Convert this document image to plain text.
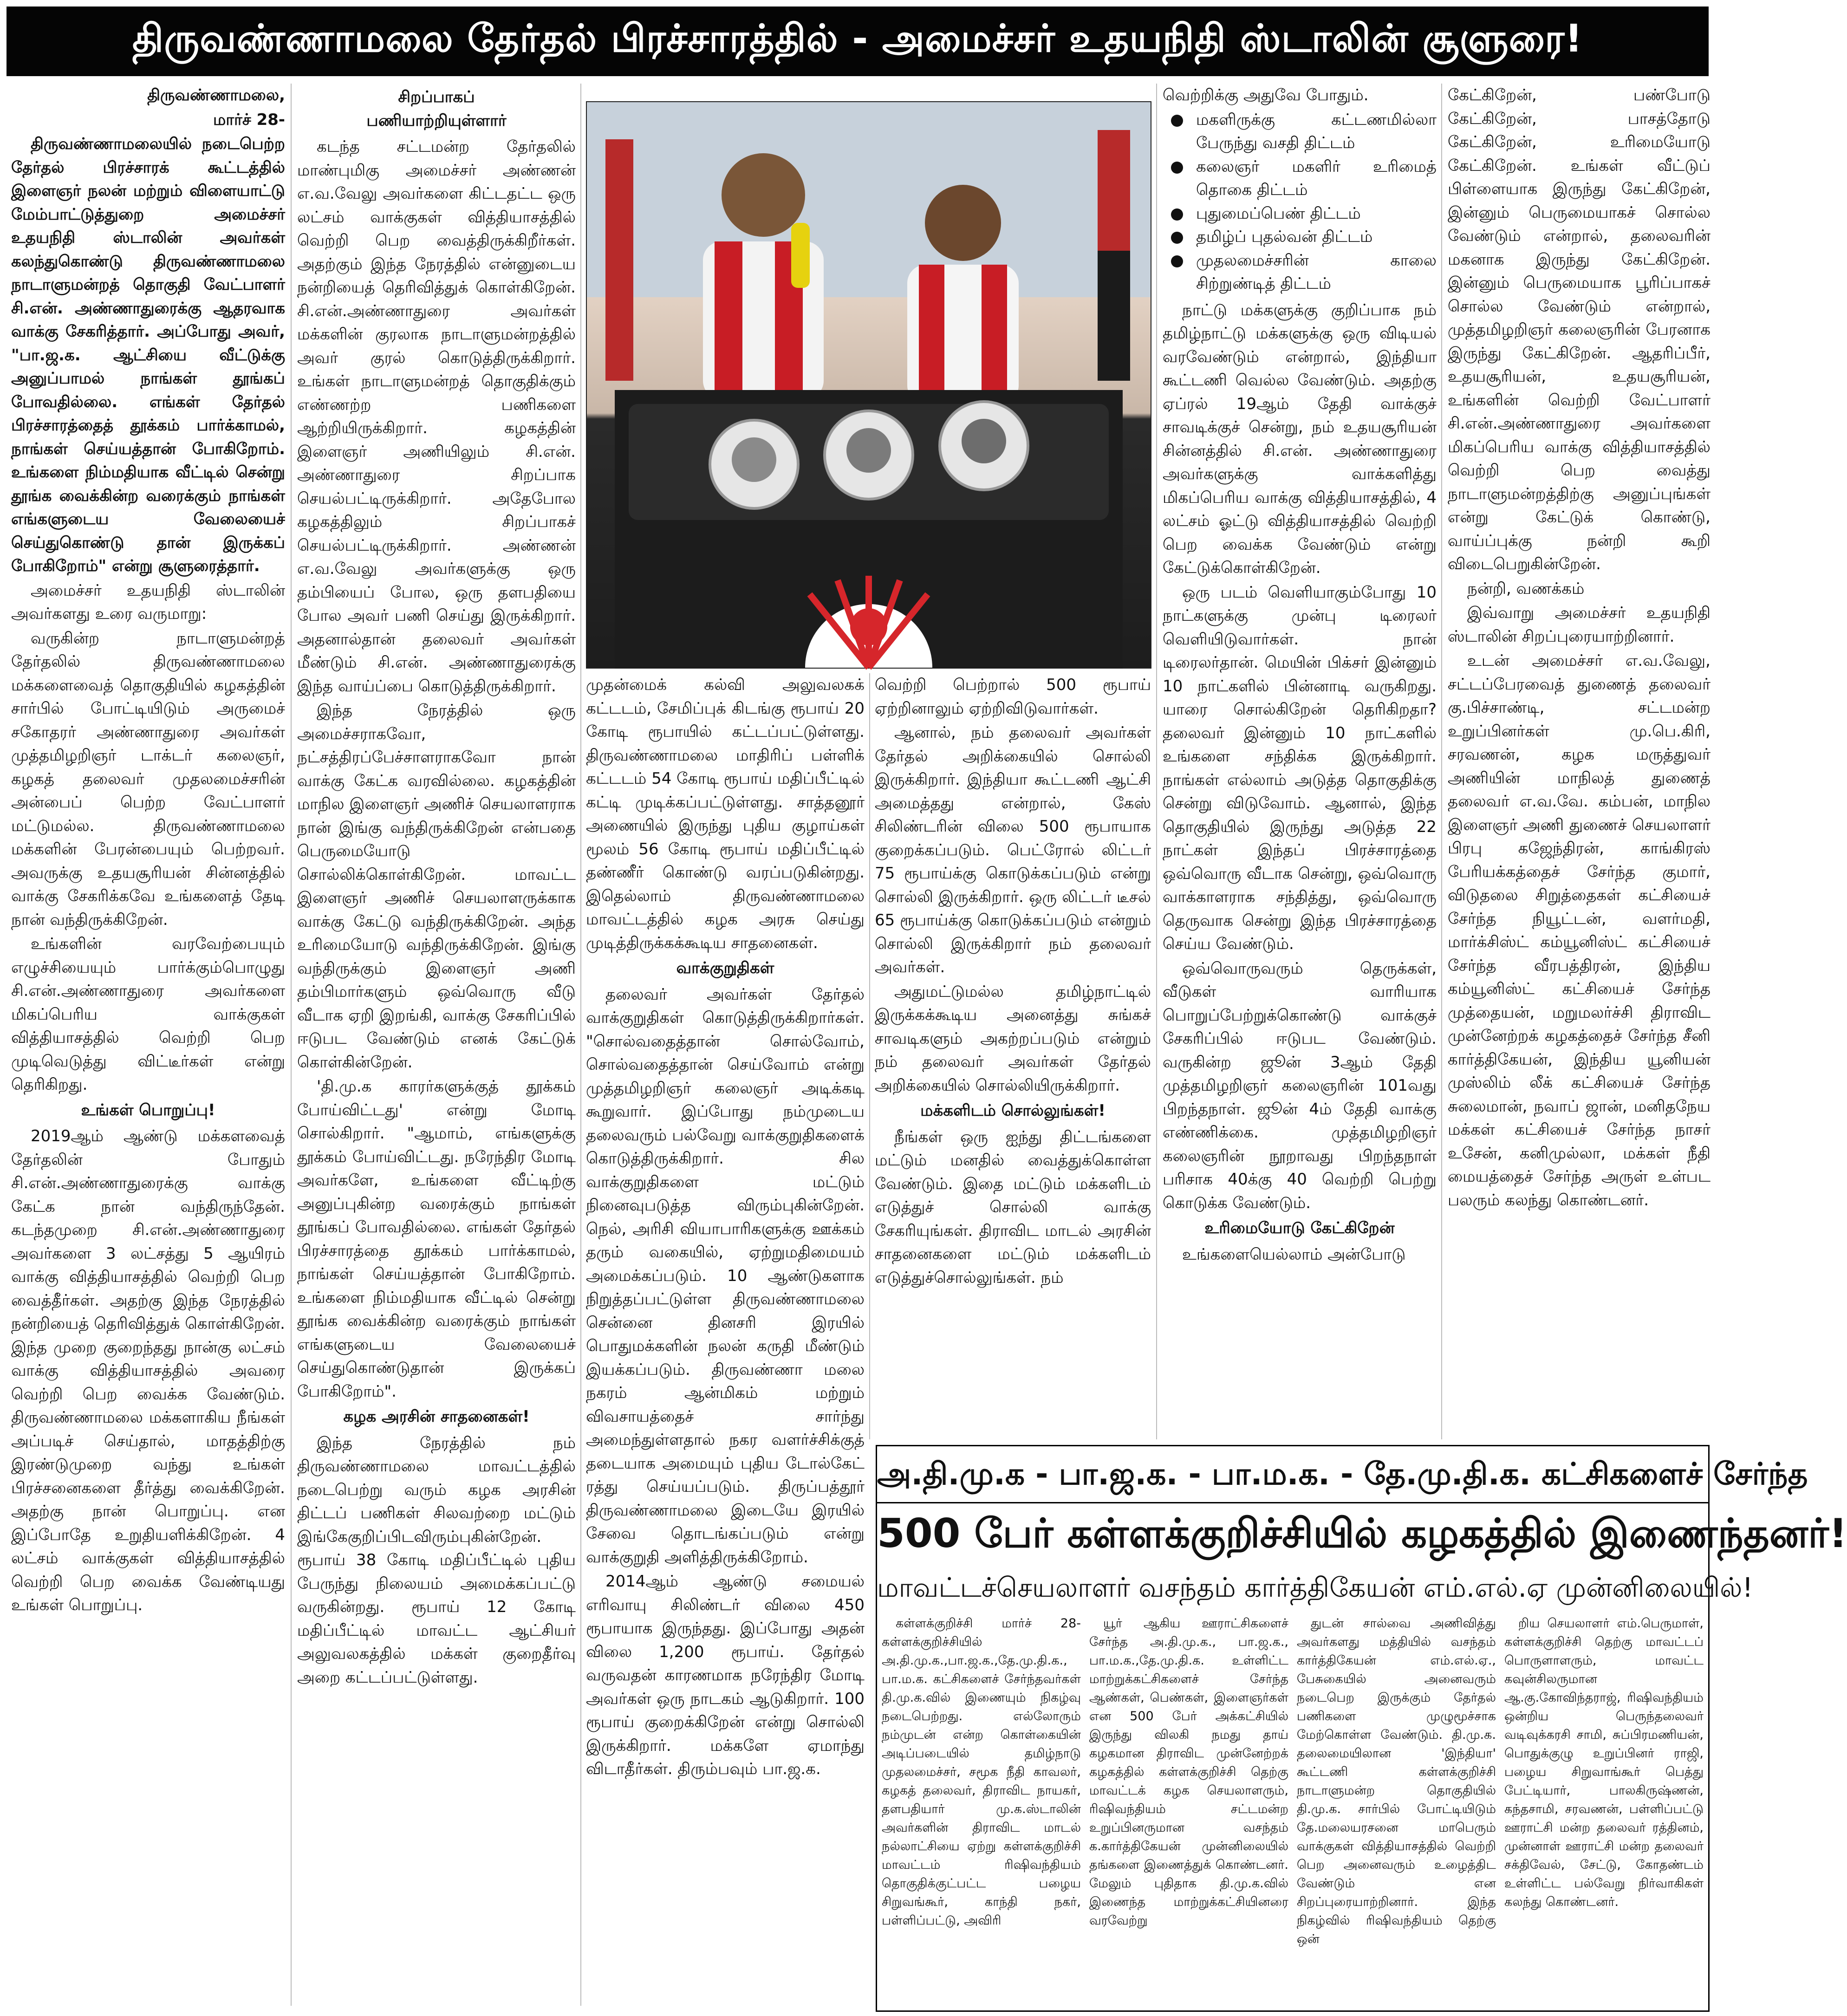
திருவண்ணாமலை தேர்தல் பிரச்சாரத்தில் - அமைச்சர் உதயநிதி ஸ்டாலின் சூளுரை!

திருவண்ணாமலை,

மார்ச் 28-

திருவண்ணாமலையில் நடைபெற்ற தேர்தல் பிரச்சாரக் கூட்டத்தில் இளைஞர் நலன் மற்றும் விளையாட்டு மேம்பாட்டுத்துறை அமைச்சர் உதயநிதி ஸ்டாலின் அவர்கள் கலந்துகொண்டு திருவண்ணாமலை நாடாளுமன்றத் தொகுதி வேட்பாளர் சி.என். அண்ணாதுரைக்கு ஆதரவாக வாக்கு சேகரித்தார். அப்போது அவர், "பா.ஜ.க. ஆட்சியை வீட்டுக்கு அனுப்பாமல் நாங்கள் தூங்கப் போவதில்லை. எங்கள் தேர்தல் பிரச்சாரத்தைத் தூக்கம் பார்க்காமல், நாங்கள் செய்யத்தான் போகிறோம். உங்களை நிம்மதியாக வீட்டில் சென்று தூங்க வைக்கின்ற வரைக்கும் நாங்கள் எங்களுடைய வேலையைச் செய்துகொண்டு தான் இருக்கப் போகிறோம்" என்று சூளுரைத்தார்.

அமைச்சர் உதயநிதி ஸ்டாலின் அவர்களது உரை வருமாறு:

வருகின்ற நாடாளுமன்றத் தேர்தலில் திருவண்ணாமலை மக்களைவைத் தொகுதியில் கழகத்தின் சார்பில் போட்டியிடும் அருமைச் சகோதரர் அண்ணாதுரை அவர்கள் முத்தமிழறிஞர் டாக்டர் கலைஞர், கழகத் தலைவர் முதலமைச்சரின் அன்பைப் பெற்ற வேட்பாளர் மட்டுமல்ல. திருவண்ணாமலை மக்களின் பேரன்பையும் பெற்றவர். அவருக்கு உதயசூரியன் சின்னத்தில் வாக்கு சேகரிக்கவே உங்களைத் தேடி நான் வந்திருக்கிறேன்.

உங்களின் வரவேற்பையும் எழுச்சியையும் பார்க்கும்பொழுது சி.என்.அண்ணாதுரை அவர்களை மிகப்பெரிய வாக்குகள் வித்தியாசத்தில் வெற்றி பெற முடிவெடுத்து விட்டீர்கள் என்று தெரிகிறது.

உங்கள் பொறுப்பு!

2019ஆம் ஆண்டு மக்களவைத் தேர்தலின் போதும் சி.என்.அண்ணாதுரைக்கு வாக்கு கேட்க நான் வந்திருந்தேன். கடந்தமுறை சி.என்.அண்ணாதுரை அவர்களை 3 லட்சத்து 5 ஆயிரம் வாக்கு வித்தியாசத்தில் வெற்றி பெற வைத்தீர்கள். அதற்கு இந்த நேரத்தில் நன்றியைத் தெரிவித்துக் கொள்கிறேன். இந்த முறை குறைந்தது நான்கு லட்சம் வாக்கு வித்தியாசத்தில் அவரை வெற்றி பெற வைக்க வேண்டும். திருவண்ணாமலை மக்களாகிய நீங்கள் அப்படிச் செய்தால், மாதத்திற்கு இரண்டுமுறை வந்து உங்கள் பிரச்சனைகளை தீர்த்து வைக்கிறேன். அதற்கு நான் பொறுப்பு. என இப்போதே உறுதியளிக்கிறேன். 4 லட்சம் வாக்குகள் வித்தியாசத்தில் வெற்றி பெற வைக்க வேண்டியது உங்கள் பொறுப்பு.

சிறப்பாகப்

பணியாற்றியுள்ளார்

கடந்த சட்டமன்ற தேர்தலில் மாண்புமிகு அமைச்சர் அண்ணன் எ.வ.வேலு அவர்களை கிட்டதட்ட ஒரு லட்சம் வாக்குகள் வித்தியாசத்தில் வெற்றி பெற வைத்திருக்கிறீர்கள். அதற்கும் இந்த நேரத்தில் என்னுடைய நன்றியைத் தெரிவித்துக் கொள்கிறேன். சி.என்.அண்ணாதுரை அவர்கள் மக்களின் குரலாக நாடாளுமன்றத்தில் அவர் குரல் கொடுத்திருக்கிறார். உங்கள் நாடாளுமன்றத் தொகுதிக்கும் எண்ணற்ற பணிகளை ஆற்றியிருக்கிறார். கழகத்தின் இளைஞர் அணியிலும் சி.என். அண்ணாதுரை சிறப்பாக செயல்பட்டிருக்கிறார். அதேபோல கழகத்திலும் சிறப்பாகச் செயல்பட்டிருக்கிறார். அண்ணன் எ.வ.வேலு அவர்களுக்கு ஒரு தம்பியைப் போல, ஒரு தளபதியை போல அவர் பணி செய்து இருக்கிறார். அதனால்தான் தலைவர் அவர்கள் மீண்டும் சி.என். அண்ணாதுரைக்கு இந்த வாய்ப்பை கொடுத்திருக்கிறார்.

இந்த நேரத்தில் ஒரு அமைச்சராகவோ, நட்சத்திரப்பேச்சாளராகவோ நான் வாக்கு கேட்க வரவில்லை. கழகத்தின் மாநில இளைஞர் அணிச் செயலாளராக நான் இங்கு வந்திருக்கிறேன் என்பதை பெருமையோடு சொல்லிக்கொள்கிறேன். மாவட்ட இளைஞர் அணிச் செயலாளருக்காக வாக்கு கேட்டு வந்திருக்கிறேன். அந்த உரிமையோடு வந்திருக்கிறேன். இங்கு வந்திருக்கும் இளைஞர் அணி தம்பிமார்களும் ஒவ்வொரு வீடு வீடாக ஏறி இறங்கி, வாக்கு சேகரிப்பில் ஈடுபட வேண்டும் எனக் கேட்டுக் கொள்கின்றேன்.

'தி.மு.க காரர்களுக்குத் தூக்கம் போய்விட்டது' என்று மோடி சொல்கிறார். "ஆமாம், எங்களுக்கு தூக்கம் போய்விட்டது. நரேந்திர மோடி அவர்களே, உங்களை வீட்டிற்கு அனுப்புகின்ற வரைக்கும் நாங்கள் தூங்கப் போவதில்லை. எங்கள் தேர்தல் பிரச்சாரத்தை தூக்கம் பார்க்காமல், நாங்கள் செய்யத்தான் போகிறோம். உங்களை நிம்மதியாக வீட்டில் சென்று தூங்க வைக்கின்ற வரைக்கும் நாங்கள் எங்களுடைய வேலையைச் செய்துகொண்டுதான் இருக்கப் போகிறோம்".

கழக அரசின் சாதனைகள்!

இந்த நேரத்தில் நம் திருவண்ணாமலை மாவட்டத்தில் நடைபெற்று வரும் கழக அரசின் திட்டப் பணிகள் சிலவற்றை மட்டும் இங்கேகுறிப்பிடவிரும்புகின்றேன். ரூபாய் 38 கோடி மதிப்பீட்டில் புதிய பேருந்து நிலையம் அமைக்கப்பட்டு வருகின்றது. ரூபாய் 12 கோடி மதிப்பீட்டில் மாவட்ட ஆட்சியர் அலுவலகத்தில் மக்கள் குறைதீர்வு அறை கட்டப்பட்டுள்ளது.

முதன்மைக் கல்வி அலுவலகக் கட்டடம், சேமிப்புக் கிடங்கு ரூபாய் 20 கோடி ரூபாயில் கட்டப்பட்டுள்ளது. திருவண்ணாமலை மாதிரிப் பள்ளிக் கட்டடம் 54 கோடி ரூபாய் மதிப்பீட்டில் கட்டி முடிக்கப்பட்டுள்ளது. சாத்தனூர் அணையில் இருந்து புதிய குழாய்கள் மூலம் 56 கோடி ரூபாய் மதிப்பீட்டில் தண்ணீர் கொண்டு வரப்படுகின்றது. இதெல்லாம் திருவண்ணாமலை மாவட்டத்தில் கழக அரசு செய்து முடித்திருக்கக்கூடிய சாதனைகள்.

வாக்குறுதிகள்

தலைவர் அவர்கள் தேர்தல் வாக்குறுதிகள் கொடுத்திருக்கிறார்கள். "சொல்வதைத்தான் சொல்வோம், சொல்வதைத்தான் செய்வோம் என்று முத்தமிழறிஞர் கலைஞர் அடிக்கடி கூறுவார். இப்போது நம்முடைய தலைவரும் பல்வேறு வாக்குறுதிகளைக் கொடுத்திருக்கிறார். சில வாக்குறுதிகளை மட்டும் நினைவுபடுத்த விரும்புகின்றேன். நெல், அரிசி வியாபாரிகளுக்கு ஊக்கம் தரும் வகையில், ஏற்றுமதிமையம் அமைக்கப்படும். 10 ஆண்டுகளாக நிறுத்தப்பட்டுள்ள திருவண்ணாமலை சென்னை தினசரி இரயில் பொதுமக்களின் நலன் கருதி மீண்டும் இயக்கப்படும். திருவண்ணா மலை நகரம் ஆன்மிகம் மற்றும் விவசாயத்தைச் சார்ந்து அமைந்துள்ளதால் நகர வளர்ச்சிக்குத் தடையாக அமையும் புதிய டோல்கேட் ரத்து செய்யப்படும். திருப்பத்தூர் திருவண்ணாமலை இடையே இரயில் சேவை தொடங்கப்படும் என்று வாக்குறுதி அளித்திருக்கிறோம்.

2014ஆம் ஆண்டு சமையல் எரிவாயு சிலிண்டர் விலை 450 ரூபாயாக இருந்தது. இப்போது அதன் விலை 1,200 ரூபாய். தேர்தல் வருவதன் காரணமாக நரேந்திர மோடி அவர்கள் ஒரு நாடகம் ஆடுகிறார். 100 ரூபாய் குறைக்கிறேன் என்று சொல்லி இருக்கிறார். மக்களே ஏமாந்து விடாதீர்கள். திரும்பவும் பா.ஜ.க.

வெற்றி பெற்றால் 500 ரூபாய் ஏற்றினாலும் ஏற்றிவிடுவார்கள்.

ஆனால், நம் தலைவர் அவர்கள் தேர்தல் அறிக்கையில் சொல்லி இருக்கிறார். இந்தியா கூட்டணி ஆட்சி அமைத்தது என்றால், கேஸ் சிலிண்டரின் விலை 500 ரூபாயாக குறைக்கப்படும். பெட்ரோல் லிட்டர் 75 ரூபாய்க்கு கொடுக்கப்படும் என்று சொல்லி இருக்கிறார். ஒரு லிட்டர் டீசல் 65 ரூபாய்க்கு கொடுக்கப்படும் என்றும் சொல்லி இருக்கிறார் நம் தலைவர் அவர்கள்.

அதுமட்டுமல்ல தமிழ்நாட்டில் இருக்கக்கூடிய அனைத்து சுங்கச் சாவடிகளும் அகற்றப்படும் என்றும் நம் தலைவர் அவர்கள் தேர்தல் அறிக்கையில் சொல்லியிருக்கிறார்.

மக்களிடம் சொல்லுங்கள்!

நீங்கள் ஒரு ஐந்து திட்டங்களை மட்டும் மனதில் வைத்துக்கொள்ள வேண்டும். இதை மட்டும் மக்களிடம் எடுத்துச் சொல்லி வாக்கு சேகரியுங்கள். திராவிட மாடல் அரசின் சாதனைகளை மட்டும் மக்களிடம் எடுத்துச்சொல்லுங்கள். நம்

வெற்றிக்கு அதுவே போதும்.

மகளிருக்கு கட்டணமில்லா பேருந்து வசதி திட்டம்
கலைஞர் மகளிர் உரிமைத் தொகை திட்டம்
புதுமைப்பெண் திட்டம்
தமிழ்ப் புதல்வன் திட்டம்
முதலமைச்சரின் காலை சிற்றுண்டித் திட்டம்

நாட்டு மக்களுக்கு குறிப்பாக நம் தமிழ்நாட்டு மக்களுக்கு ஒரு விடியல் வரவேண்டும் என்றால், இந்தியா கூட்டணி வெல்ல வேண்டும். அதற்கு ஏப்ரல் 19ஆம் தேதி வாக்குச் சாவடிக்குச் சென்று, நம் உதயசூரியன் சின்னத்தில் சி.என். அண்ணாதுரை அவர்களுக்கு வாக்களித்து மிகப்பெரிய வாக்கு வித்தியாசத்தில், 4 லட்சம் ஓட்டு வித்தியாசத்தில் வெற்றி பெற வைக்க வேண்டும் என்று கேட்டுக்கொள்கிறேன்.

ஒரு படம் வெளியாகும்போது 10 நாட்களுக்கு முன்பு டிரைலர் வெளியிடுவார்கள். நான் டிரைலர்தான். மெயின் பிக்சர் இன்னும் 10 நாட்களில் பின்னாடி வருகிறது. யாரை சொல்கிறேன் தெரிகிறதா? தலைவர் இன்னும் 10 நாட்களில் உங்களை சந்திக்க இருக்கிறார். நாங்கள் எல்லாம் அடுத்த தொகுதிக்கு சென்று விடுவோம். ஆனால், இந்த தொகுதியில் இருந்து அடுத்த 22 நாட்கள் இந்தப் பிரச்சாரத்தை ஒவ்வொரு வீடாக சென்று, ஒவ்வொரு வாக்காளராக சந்தித்து, ஒவ்வொரு தெருவாக சென்று இந்த பிரச்சாரத்தை செய்ய வேண்டும்.

ஒவ்வொருவரும் தெருக்கள், வீடுகள் வாரியாக பொறுப்பேற்றுக்கொண்டு வாக்குச் சேகரிப்பில் ஈடுபட வேண்டும். வருகின்ற ஜூன் 3ஆம் தேதி முத்தமிழறிஞர் கலைஞரின் 101வது பிறந்தநாள். ஜூன் 4ம் தேதி வாக்கு எண்ணிக்கை. முத்தமிழறிஞர் கலைஞரின் நூறாவது பிறந்தநாள் பரிசாக 40க்கு 40 வெற்றி பெற்று கொடுக்க வேண்டும்.

உரிமையோடு கேட்கிறேன்

உங்களையெல்லாம் அன்போடு

கேட்கிறேன், பண்போடு கேட்கிறேன், பாசத்தோடு கேட்கிறேன், உரிமையோடு கேட்கிறேன். உங்கள் வீட்டுப் பிள்ளையாக இருந்து கேட்கிறேன், இன்னும் பெருமையாகச் சொல்ல வேண்டும் என்றால், தலைவரின் மகனாக இருந்து கேட்கிறேன். இன்னும் பெருமையாக பூரிப்பாகச் சொல்ல வேண்டும் என்றால், முத்தமிழறிஞர் கலைஞரின் பேரனாக இருந்து கேட்கிறேன். ஆதரிப்பீர், உதயசூரியன், உதயசூரியன், உங்களின் வெற்றி வேட்பாளர் சி.என்.அண்ணாதுரை அவர்களை மிகப்பெரிய வாக்கு வித்தியாசத்தில் வெற்றி பெற வைத்து நாடாளுமன்றத்திற்கு அனுப்புங்கள் என்று கேட்டுக் கொண்டு, வாய்ப்புக்கு நன்றி கூறி விடைபெறுகின்றேன்.

நன்றி, வணக்கம்

இவ்வாறு அமைச்சர் உதயநிதி ஸ்டாலின் சிறப்புரையாற்றினார்.

உடன் அமைச்சர் எ.வ.வேலு, சட்டப்பேரவைத் துணைத் தலைவர் கு.பிச்சாண்டி, சட்டமன்ற உறுப்பினர்கள் மு.பெ.கிரி, சரவணன், கழக மருத்துவர் அணியின் மாநிலத் துணைத் தலைவர் எ.வ.வே. கம்பன், மாநில இளைஞர் அணி துணைச் செயலாளர் பிரபு கஜேந்திரன், காங்கிரஸ் பேரியக்கத்தைச் சேர்ந்த குமார், விடுதலை சிறுத்தைகள் கட்சியைச் சேர்ந்த நியூட்டன், வளர்மதி, மார்க்சிஸ்ட் கம்யூனிஸ்ட் கட்சியைச் சேர்ந்த வீரபத்திரன், இந்திய கம்யூனிஸ்ட் கட்சியைச் சேர்ந்த முத்தையன், மறுமலர்ச்சி திராவிட முன்னேற்றக் கழகத்தைச் சேர்ந்த சீனி கார்த்திகேயன், இந்திய யூனியன் முஸ்லிம் லீக் கட்சியைச் சேர்ந்த சுலைமான், நவாப் ஜான், மனிதநேய மக்கள் கட்சியைச் சேர்ந்த நாசர் உசேன், கனிமுல்லா, மக்கள் நீதி மையத்தைச் சேர்ந்த அருள் உள்பட பலரும் கலந்து கொண்டனர்.

அ.தி.மு.க - பா.ஜ.க. - பா.ம.க. - தே.மு.தி.க. கட்சிகளைச் சேர்ந்த
500 பேர் கள்ளக்குறிச்சியில் கழகத்தில் இணைந்தனர்!
மாவட்டச்செயலாளர் வசந்தம் கார்த்திகேயன் எம்.எல்.ஏ முன்னிலையில்!

கள்ளக்குறிச்சி மார்ச் 28- கள்ளக்குறிச்சியில் அ.தி.மு.க.,பா.ஜ.க.,தே.மு.தி.க., பா.ம.க. கட்சிகளைச் சேர்ந்தவர்கள் தி.மு.க.வில் இணையும் நிகழ்வு நடைபெற்றது. எல்லோரும் நம்முடன் என்ற கொள்கையின் அடிப்படையில் தமிழ்நாடு முதலமைச்சர், சமூக நீதி காவலர், கழகத் தலைவர், திராவிட நாயகர், தளபதியார் மு.க.ஸ்டாலின் அவர்களின் திராவிட மாடல் நல்லாட்சியை ஏற்று கள்ளக்குறிச்சி மாவட்டம் ரிஷிவந்தியம் தொகுதிக்குட்பட்ட பழைய சிறுவங்கூர், காந்தி நகர், பள்ளிப்பட்டு, அவிரி

யூர் ஆகிய ஊராட்சிகளைச் சேர்ந்த அ.தி.மு.க., பா.ஜ.க., பா.ம.க.,தே.மு.தி.க. உள்ளிட்ட மாற்றுக்கட்சிகளைச் சேர்ந்த ஆண்கள், பெண்கள், இளைஞர்கள் என 500 பேர் அக்கட்சியில் இருந்து விலகி நமது தாய் கழகமான திராவிட முன்னேற்றக் கழகத்தில் கள்ளக்குறிச்சி தெற்கு மாவட்டக் கழக செயலாளரும், ரிஷிவந்தியம் சட்டமன்ற உறுப்பினருமான வசந்தம் க.கார்த்திகேயன் முன்னிலையில் தங்களை இணைத்துக் கொண்டனர். மேலும் புதிதாக தி.மு.க.வில் இணைந்த மாற்றுக்கட்சியினரை வரவேற்று

துடன் சால்வை அணிவித்து அவர்களது மத்தியில் வசந்தம் கார்த்திகேயன் எம்.எல்.ஏ., பேசுகையில் அனைவரும் நடைபெற இருக்கும் தேர்தல் பணிகளை முழுமூச்சாக மேற்கொள்ள வேண்டும். தி.மு.க. தலைமையிலான 'இந்தியா' கூட்டணி கள்ளக்குறிச்சி நாடாளுமன்ற தொகுதியில் தி.மு.க. சார்பில் போட்டியிடும் தே.மலையரசனை மாபெரும் வாக்குகள் வித்தியாசத்தில் வெற்றி பெற அனைவரும் உழைத்திட வேண்டும் என சிறப்புரையாற்றினார். இந்த நிகழ்வில் ரிஷிவந்தியம் தெற்கு ஒன்

றிய செயலாளர் எம்.பெருமாள், கள்ளக்குறிச்சி தெற்கு மாவட்டப் பொருளாளரும், மாவட்ட கவுன்சிலருமான ஆ.கு.கோவிந்தராஜ், ரிஷிவந்தியம் ஒன்றிய பெருந்தலைவர் வடிவுக்கரசி சாமி, சுப்பிரமணியன், பொதுக்குழு உறுப்பினர் ராஜி, பழைய சிறுவாங்கூர் பெத்து பேட்டியார், பாலகிருஷ்ணன், கந்தசாமி, சரவணன், பள்ளிப்பட்டு ஊராட்சி மன்ற தலைவர் ரத்தினம், முன்னாள் ஊராட்சி மன்ற தலைவர் சக்திவேல், சேட்டு, கோதண்டம் உள்ளிட்ட பல்வேறு நிர்வாகிகள் கலந்து கொண்டனர்.
